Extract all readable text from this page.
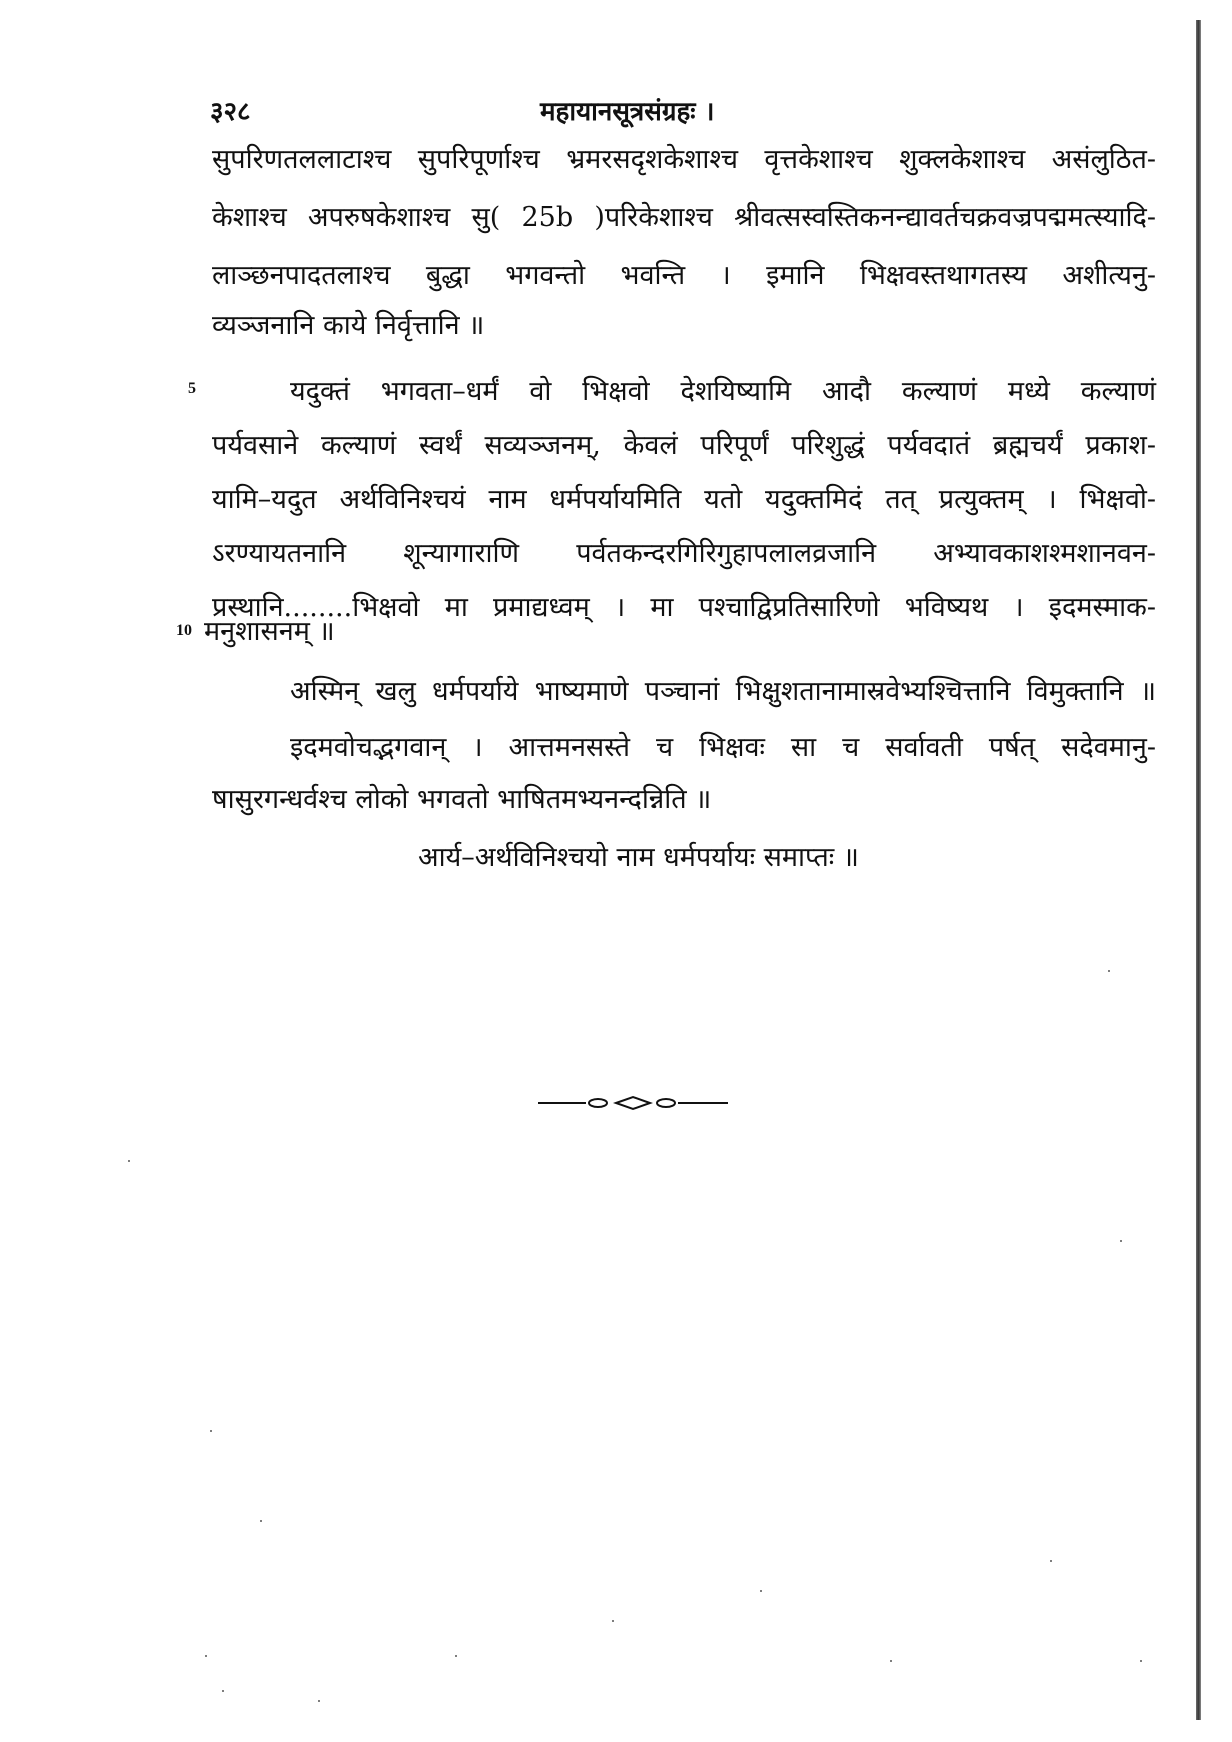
३२८	महायानसूत्रसंग्रहः ।
सुपरिणतललाटाश्च सुपरिपूर्णाश्च भ्रमरसदृशकेशाश्च वृत्तकेशाश्च शुक्लकेशाश्च असंलुठित-
केशाश्च अपरुषकेशाश्च सु( 25b )परिकेशाश्च श्रीवत्सस्वस्तिकनन्द्यावर्तचक्रवज्रपद्ममत्स्यादि-
लाञ्छनपादतलाश्च बुद्धा भगवन्तो भवन्ति । इमानि भिक्षवस्तथागतस्य अशीत्यनु-
व्यञ्जनानि काये निर्वृत्तानि ॥
5	यदुक्तं भगवता–धर्मं वो भिक्षवो देशयिष्यामि आदौ कल्याणं मध्ये कल्याणं
पर्यवसाने कल्याणं स्वर्थं सव्यञ्जनम्, केवलं परिपूर्णं परिशुद्धं पर्यवदातं ब्रह्मचर्यं प्रकाश-
यामि–यदुत अर्थविनिश्चयं नाम धर्मपर्यायमिति यतो यदुक्तमिदं तत् प्रत्युक्तम् । भिक्षवो-
ऽरण्यायतनानि शून्यागाराणि पर्वतकन्दरगिरिगुहापलालव्रजानि अभ्यावकाशश्मशानवन-
प्रस्थानि........भिक्षवो मा प्रमाद्यध्वम् । मा पश्चाद्विप्रतिसारिणो भविष्यथ । इदमस्माक-
10 मनुशासनम् ॥
अस्मिन् खलु धर्मपर्याये भाष्यमाणे पञ्चानां भिक्षुशतानामास्रवेभ्यश्चित्तानि विमुक्तानि ॥
इदमवोचद्भगवान् । आत्तमनसस्ते च भिक्षवः सा च सर्वावती पर्षत् सदेवमानु-
षासुरगन्धर्वश्च लोको भगवतो भाषितमभ्यनन्दन्निति ॥
आर्य–अर्थविनिश्चयो नाम धर्मपर्यायः समाप्तः ॥
